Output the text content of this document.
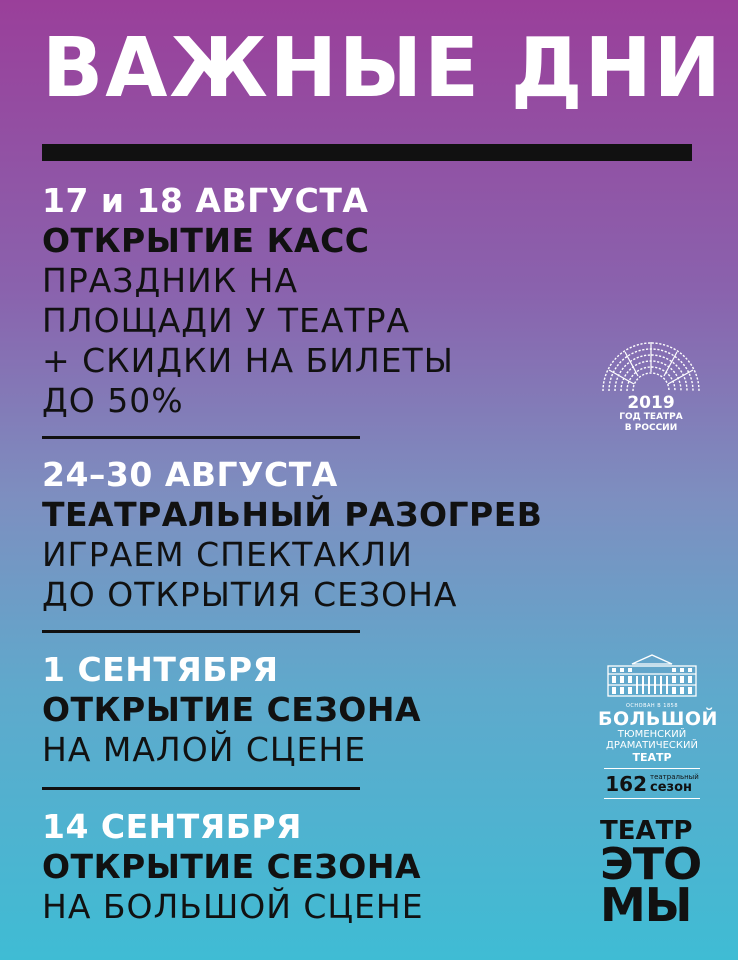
ВАЖНЫЕ ДНИ
17 и 18 АВГУСТА
ОТКРЫТИЕ КАСС
ПРАЗДНИК НА
ПЛОЩАДИ У ТЕАТРА
+ СКИДКИ НА БИЛЕТЫ
ДО 50%
24–30 АВГУСТА
ТЕАТРАЛЬНЫЙ РАЗОГРЕВ
ИГРАЕМ СПЕКТАКЛИ
ДО ОТКРЫТИЯ СЕЗОНА
1 СЕНТЯБРЯ
ОТКРЫТИЕ СЕЗОНА
НА МАЛОЙ СЦЕНЕ
14 СЕНТЯБРЯ
ОТКРЫТИЕ СЕЗОНА
НА БОЛЬШОЙ СЦЕНЕ
2019
ГОД ТЕАТРА
В РОССИИ
ОСНОВАН В 1858
БОЛЬШОЙ
ТЮМЕНСКИЙ
ДРАМАТИЧЕСКИЙ
ТЕАТР
162 театральный
сезон
ТЕАТР
ЭТО
МЫ
